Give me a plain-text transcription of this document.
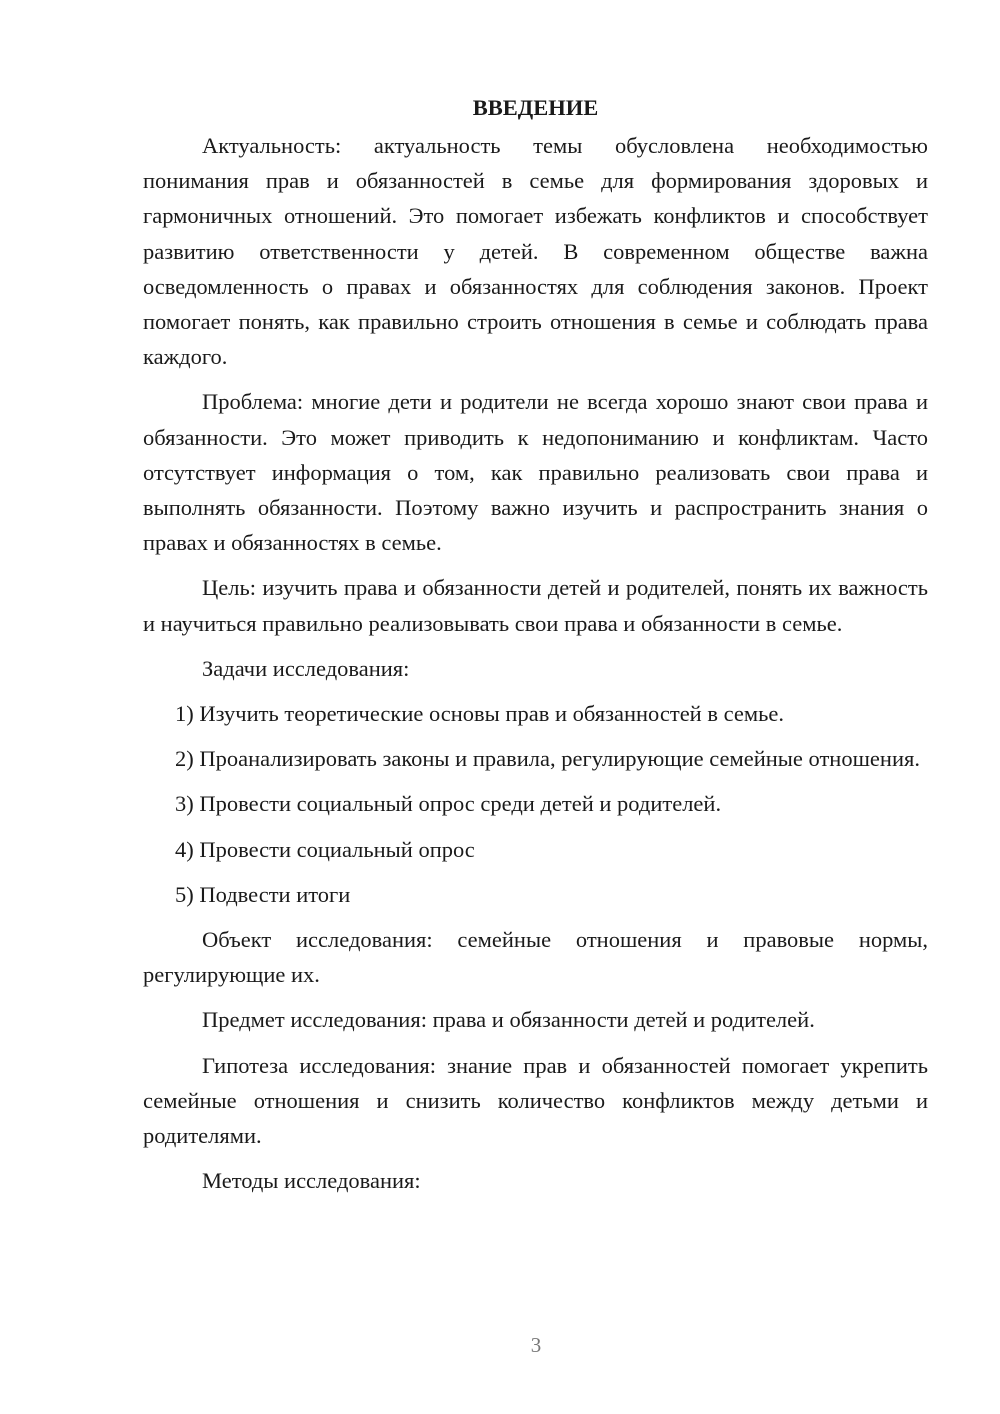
ВВЕДЕНИЕ

Актуальность: актуальность темы обусловлена необходимостью понимания прав и обязанностей в семье для формирования здоровых и гармоничных отношений. Это помогает избежать конфликтов и способствует развитию ответственности у детей. В современном обществе важна осведомленность о правах и обязанностях для соблюдения законов. Проект помогает понять, как правильно строить отношения в семье и соблюдать права каждого.

Проблема: многие дети и родители не всегда хорошо знают свои права и обязанности. Это может приводить к недопониманию и конфликтам. Часто отсутствует информация о том, как правильно реализовать свои права и выполнять обязанности. Поэтому важно изучить и распространить знания о правах и обязанностях в семье.

Цель: изучить права и обязанности детей и родителей, понять их важность и научиться правильно реализовывать свои права и обязанности в семье.

Задачи исследования:

1) Изучить теоретические основы прав и обязанностей в семье.

2) Проанализировать законы и правила, регулирующие семейные отношения.

3) Провести социальный опрос среди детей и родителей.

4) Провести социальный опрос

5) Подвести итоги

Объект исследования: семейные отношения и правовые нормы, регулирующие их.

Предмет исследования: права и обязанности детей и родителей.

Гипотеза исследования: знание прав и обязанностей помогает укрепить семейные отношения и снизить количество конфликтов между детьми и родителями.

Методы исследования:

3
